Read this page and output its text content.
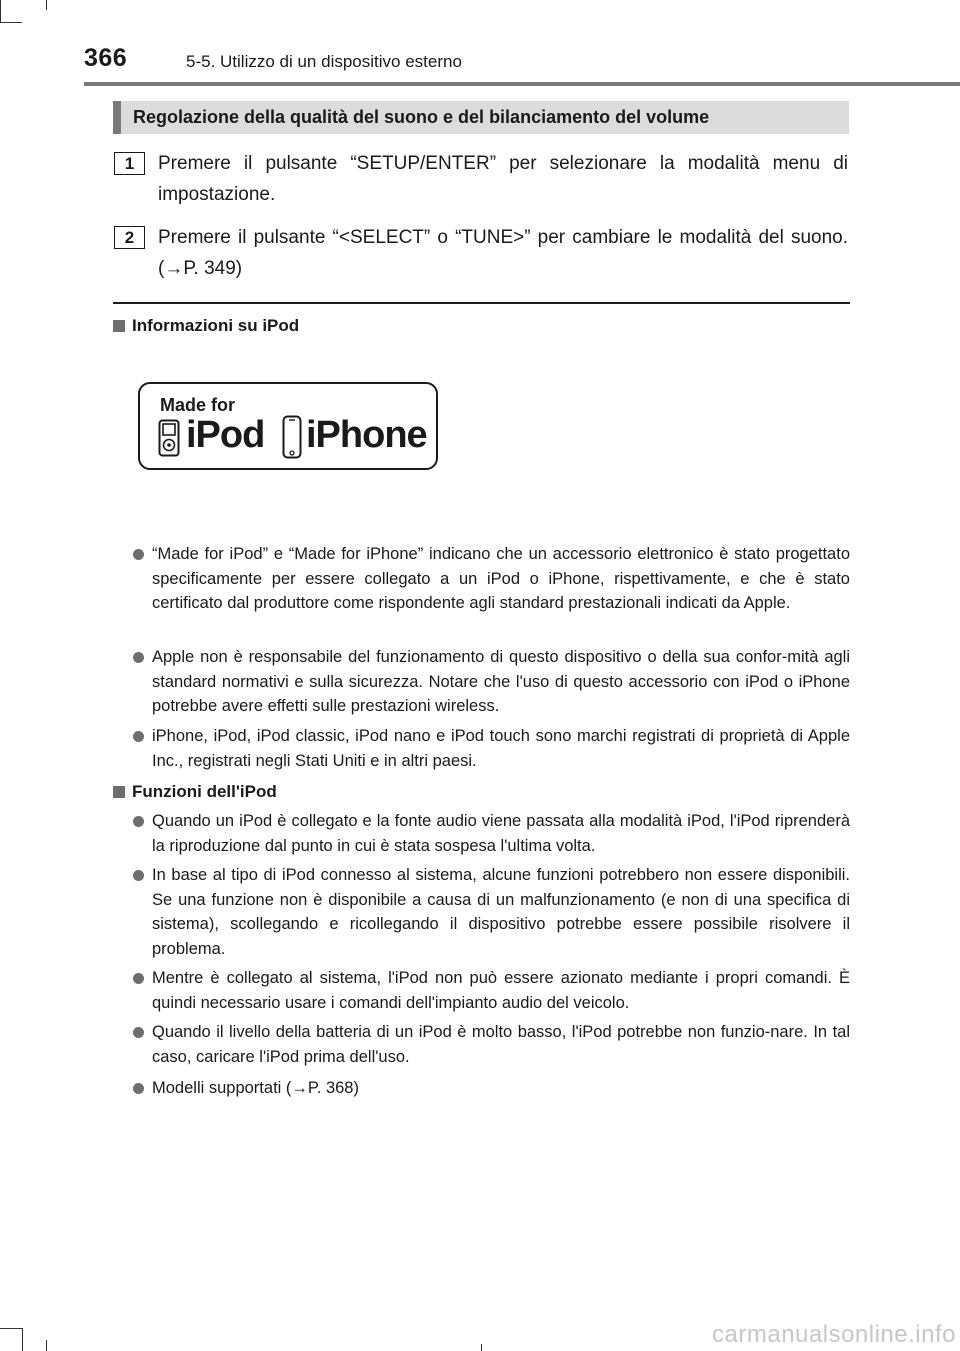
366	5-5. Utilizzo di un dispositivo esterno
Regolazione della qualità del suono e del bilanciamento del volume
1	Premere il pulsante “SETUP/ENTER” per selezionare la modalità menu di impostazione.
2	Premere il pulsante “<SELECT” o “TUNE>” per cambiare le modalità del suono. (→P. 349)
Informazioni su iPod
Made for
iPod iPhone
“Made for iPod” e “Made for iPhone” indicano che un accessorio elettronico è stato progettato specificamente per essere collegato a un iPod o iPhone, rispettivamente, e che è stato certificato dal produttore come rispondente agli standard prestazionali indicati da Apple.
Apple non è responsabile del funzionamento di questo dispositivo o della sua confor-mità agli standard normativi e sulla sicurezza. Notare che l'uso di questo accessorio con iPod o iPhone potrebbe avere effetti sulle prestazioni wireless.
iPhone, iPod, iPod classic, iPod nano e iPod touch sono marchi registrati di proprietà di Apple Inc., registrati negli Stati Uniti e in altri paesi.
Funzioni dell'iPod
Quando un iPod è collegato e la fonte audio viene passata alla modalità iPod, l'iPod riprenderà la riproduzione dal punto in cui è stata sospesa l'ultima volta.
In base al tipo di iPod connesso al sistema, alcune funzioni potrebbero non essere disponibili. Se una funzione non è disponibile a causa di un malfunzionamento (e non di una specifica di sistema), scollegando e ricollegando il dispositivo potrebbe essere possibile risolvere il problema.
Mentre è collegato al sistema, l'iPod non può essere azionato mediante i propri comandi. È quindi necessario usare i comandi dell'impianto audio del veicolo.
Quando il livello della batteria di un iPod è molto basso, l'iPod potrebbe non funzio-nare. In tal caso, caricare l'iPod prima dell'uso.
Modelli supportati (→P. 368)
carmanualsonline.info
